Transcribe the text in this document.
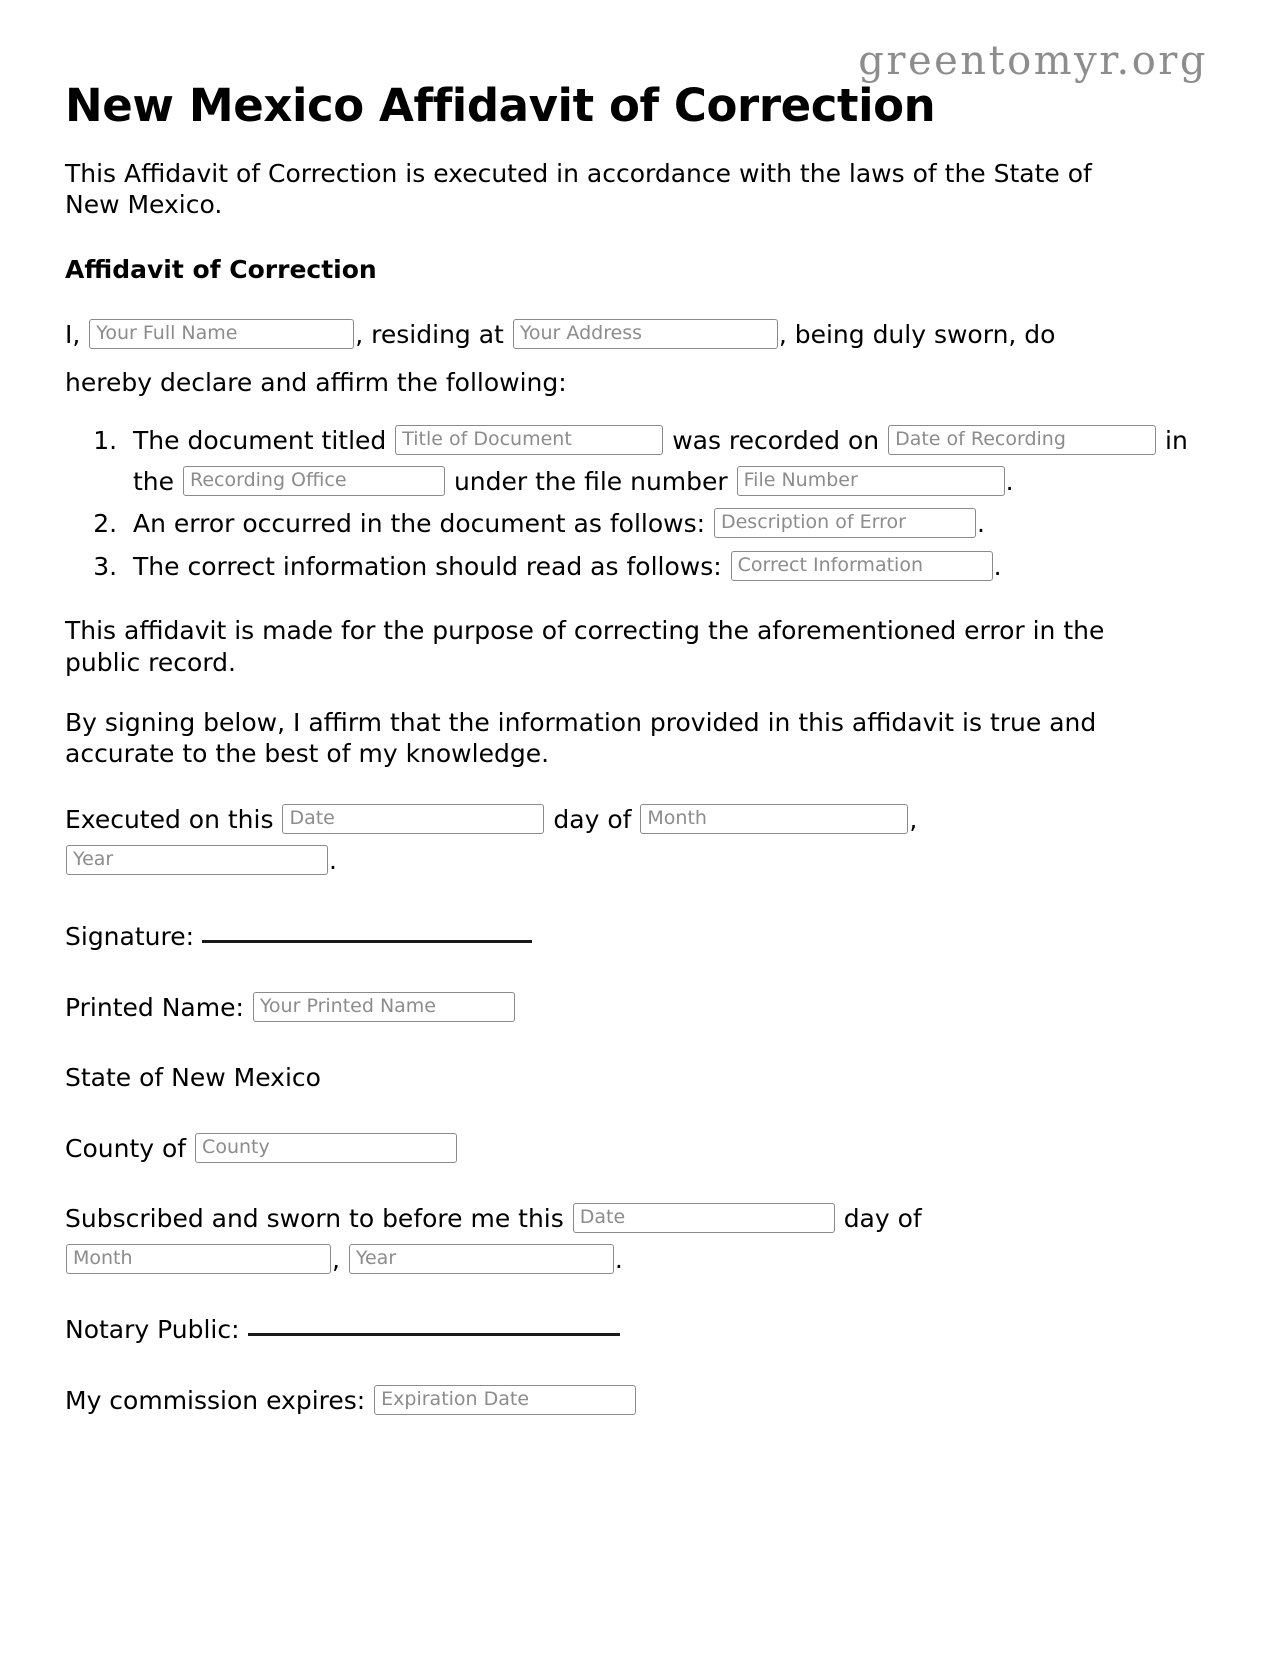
greentomyr.org
New Mexico Affidavit of Correction

This Affidavit of Correction is executed in accordance with the laws of the State of New Mexico.

Affidavit of Correction
I, Your Full Name	, residing at Your Address	, being duly sworn, do hereby declare and affirm the following:
1. The document titled Title of Document	was recorded on Date of Recording	in the Recording Office	under the file number File Number	.
2. An error occurred in the document as follows: Description of Error	.
3. The correct information should read as follows: Correct Information	.

This affidavit is made for the purpose of correcting the aforementioned error in the public record.

By signing below, I affirm that the information provided in this affidavit is true and accurate to the best of my knowledge.

Executed on this Date	day of Month	, Year	.
Signature:
Printed Name: Your Printed Name
State of New Mexico
County of County
Subscribed and sworn to before me this Date	day of Month	, Year	.
Notary Public:
My commission expires: Expiration Date
